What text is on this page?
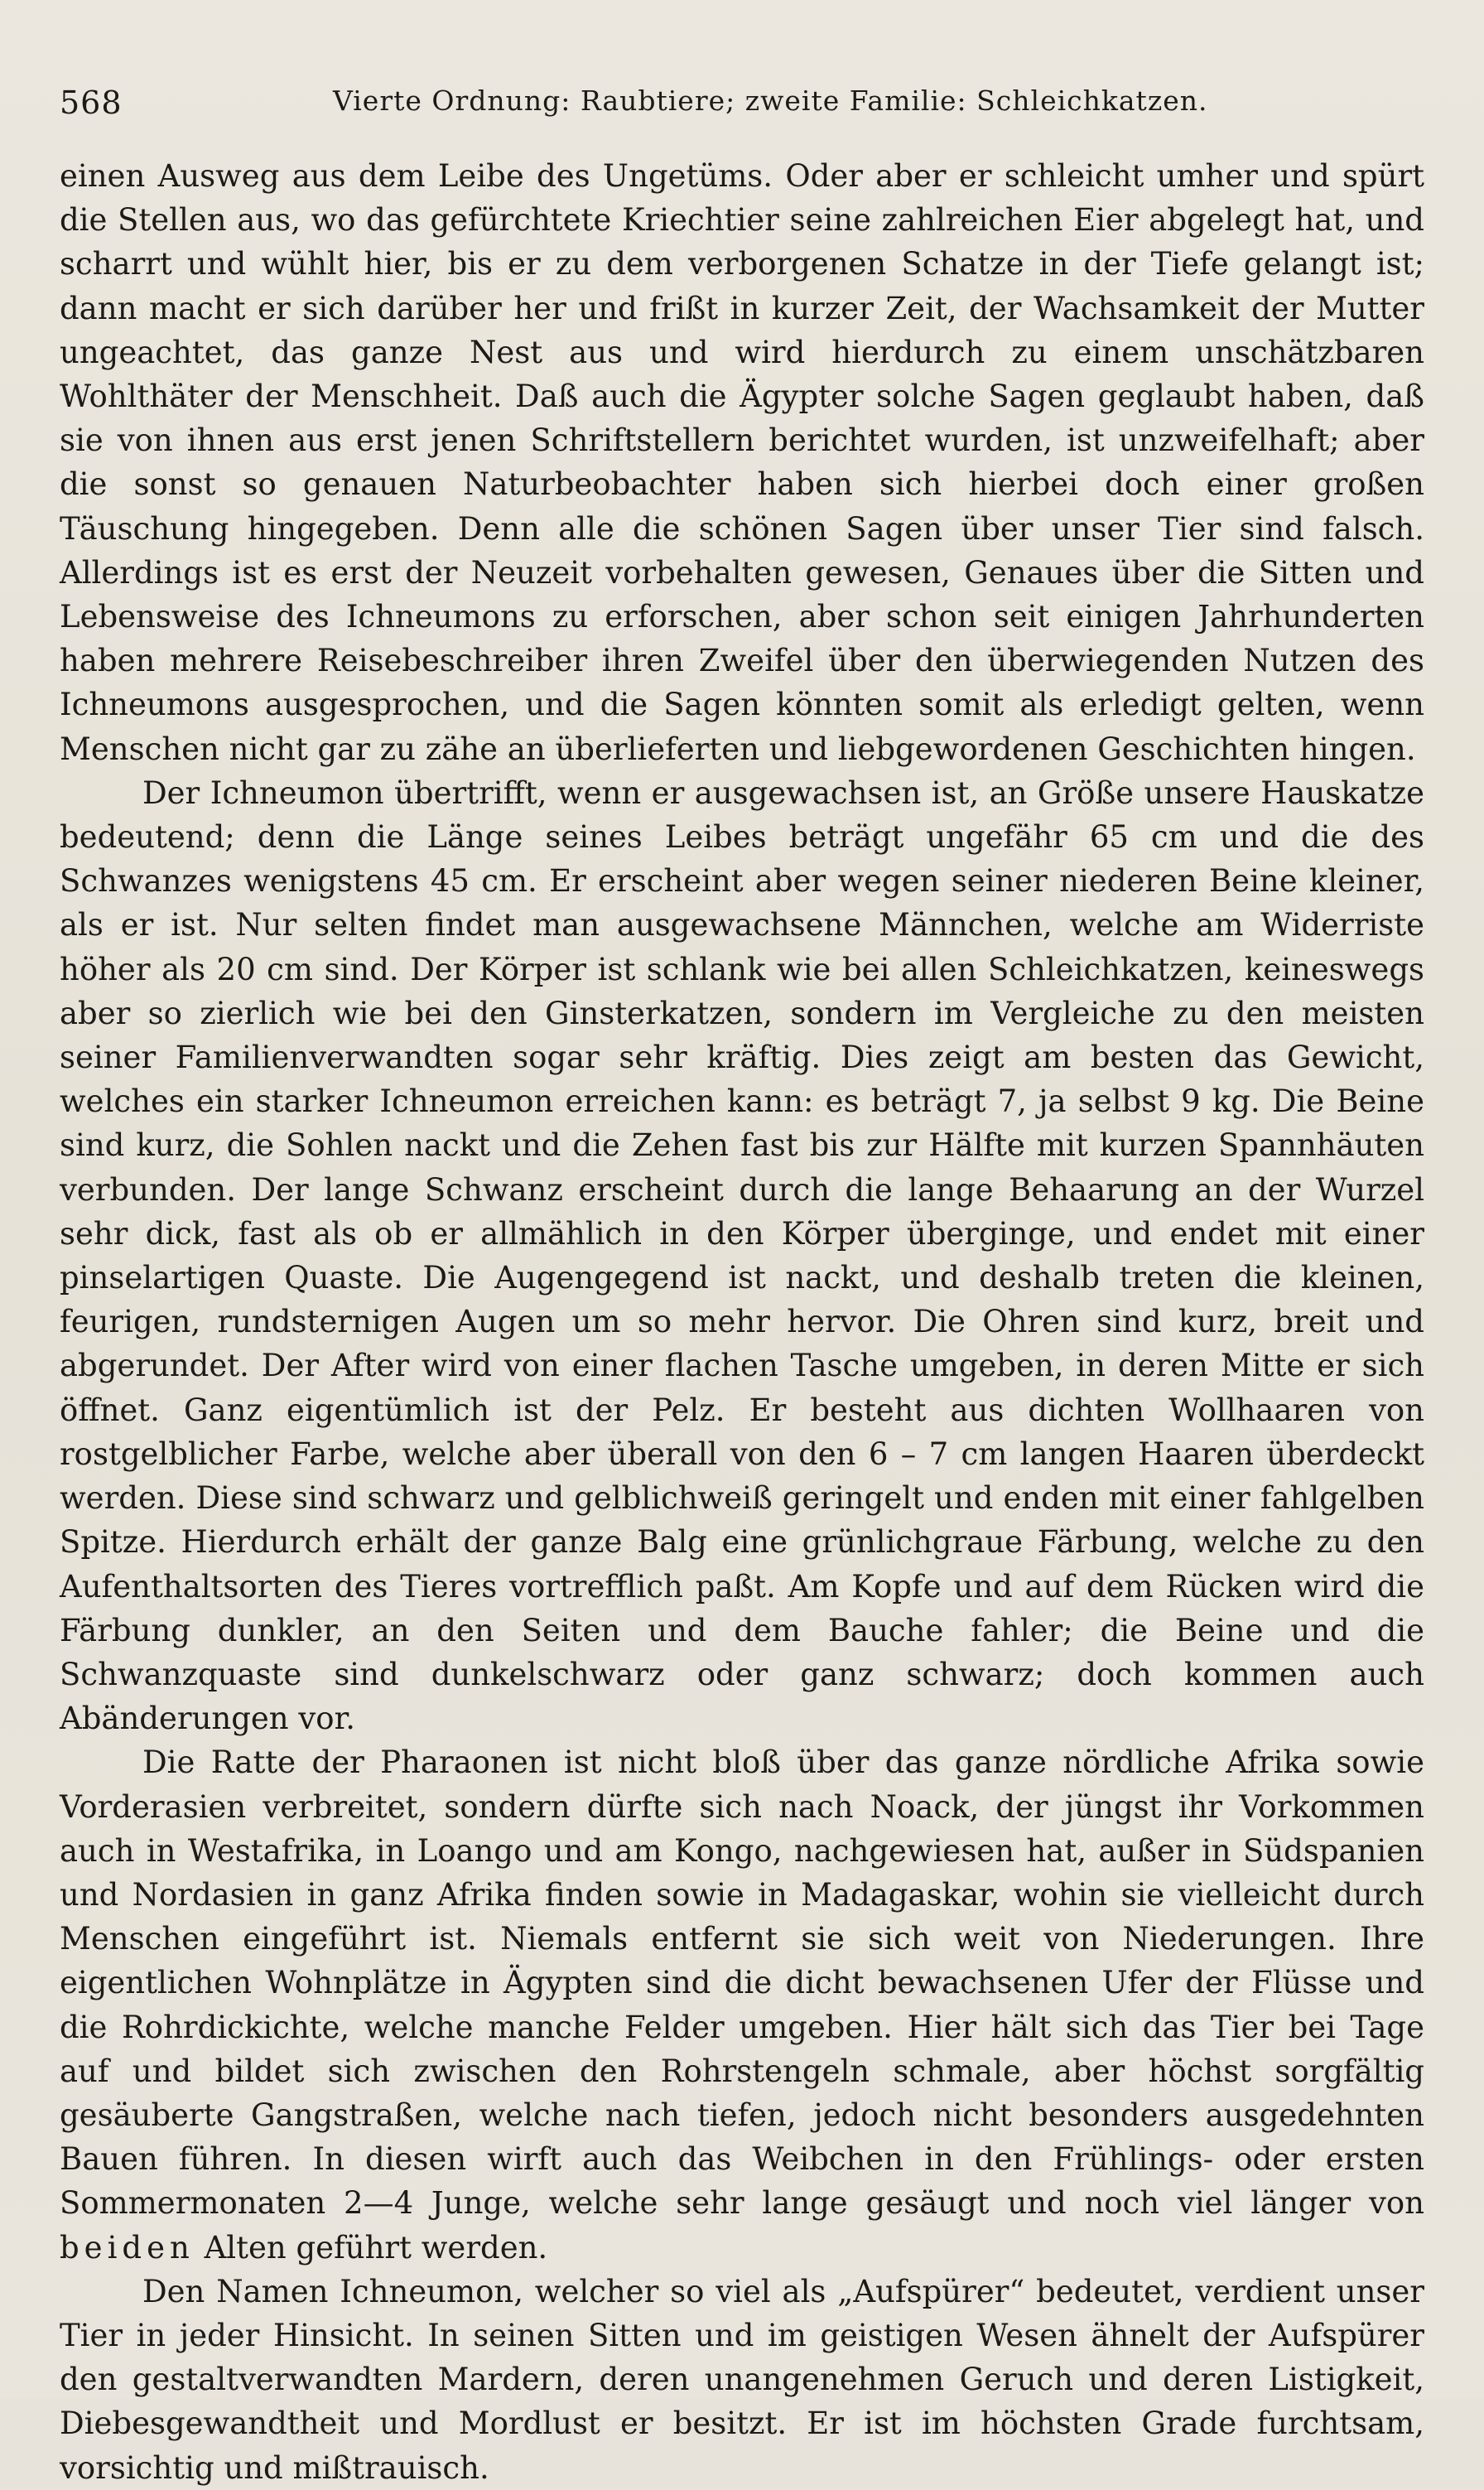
568	Vierte Ordnung: Raubtiere; zweite Familie: Schleichkatzen.

einen Ausweg aus dem Leibe des Ungetüms. Oder aber er schleicht umher und spürt die Stellen aus, wo das gefürchtete Kriechtier seine zahlreichen Eier abgelegt hat, und scharrt und wühlt hier, bis er zu dem verborgenen Schatze in der Tiefe gelangt ist; dann macht er sich darüber her und frißt in kurzer Zeit, der Wachsamkeit der Mutter ungeachtet, das ganze Nest aus und wird hierdurch zu einem unschätzbaren Wohlthäter der Menschheit. Daß auch die Ägypter solche Sagen geglaubt haben, daß sie von ihnen aus erst jenen Schriftstellern berichtet wurden, ist unzweifelhaft; aber die sonst so genauen Naturbeobachter haben sich hierbei doch einer großen Täuschung hingegeben. Denn alle die schönen Sagen über unser Tier sind falsch. Allerdings ist es erst der Neuzeit vorbehalten gewesen, Genaues über die Sitten und Lebensweise des Ichneumons zu erforschen, aber schon seit einigen Jahrhunderten haben mehrere Reisebeschreiber ihren Zweifel über den überwiegenden Nutzen des Ichneumons ausgesprochen, und die Sagen könnten somit als erledigt gelten, wenn Menschen nicht gar zu zähe an überlieferten und liebgewordenen Geschichten hingen.

Der Ichneumon übertrifft, wenn er ausgewachsen ist, an Größe unsere Hauskatze bedeutend; denn die Länge seines Leibes beträgt ungefähr 65 cm und die des Schwanzes wenigstens 45 cm. Er erscheint aber wegen seiner niederen Beine kleiner, als er ist. Nur selten findet man ausgewachsene Männchen, welche am Widerriste höher als 20 cm sind. Der Körper ist schlank wie bei allen Schleichkatzen, keineswegs aber so zierlich wie bei den Ginsterkatzen, sondern im Vergleiche zu den meisten seiner Familienverwandten sogar sehr kräftig. Dies zeigt am besten das Gewicht, welches ein starker Ichneumon erreichen kann: es beträgt 7, ja selbst 9 kg. Die Beine sind kurz, die Sohlen nackt und die Zehen fast bis zur Hälfte mit kurzen Spannhäuten verbunden. Der lange Schwanz erscheint durch die lange Behaarung an der Wurzel sehr dick, fast als ob er allmählich in den Körper überginge, und endet mit einer pinselartigen Quaste. Die Augengegend ist nackt, und deshalb treten die kleinen, feurigen, rundsternigen Augen um so mehr hervor. Die Ohren sind kurz, breit und abgerundet. Der After wird von einer flachen Tasche umgeben, in deren Mitte er sich öffnet. Ganz eigentümlich ist der Pelz. Er besteht aus dichten Wollhaaren von rostgelblicher Farbe, welche aber überall von den 6 – 7 cm langen Haaren überdeckt werden. Diese sind schwarz und gelblichweiß geringelt und enden mit einer fahlgelben Spitze. Hierdurch erhält der ganze Balg eine grünlichgraue Färbung, welche zu den Aufenthaltsorten des Tieres vortrefflich paßt. Am Kopfe und auf dem Rücken wird die Färbung dunkler, an den Seiten und dem Bauche fahler; die Beine und die Schwanzquaste sind dunkelschwarz oder ganz schwarz; doch kommen auch Abänderungen vor.

Die Ratte der Pharaonen ist nicht bloß über das ganze nördliche Afrika sowie Vorderasien verbreitet, sondern dürfte sich nach Noack, der jüngst ihr Vorkommen auch in Westafrika, in Loango und am Kongo, nachgewiesen hat, außer in Südspanien und Nordasien in ganz Afrika finden sowie in Madagaskar, wohin sie vielleicht durch Menschen eingeführt ist. Niemals entfernt sie sich weit von Niederungen. Ihre eigentlichen Wohnplätze in Ägypten sind die dicht bewachsenen Ufer der Flüsse und die Rohrdickichte, welche manche Felder umgeben. Hier hält sich das Tier bei Tage auf und bildet sich zwischen den Rohrstengeln schmale, aber höchst sorgfältig gesäuberte Gangstraßen, welche nach tiefen, jedoch nicht besonders ausgedehnten Bauen führen. In diesen wirft auch das Weibchen in den Frühlings- oder ersten Sommermonaten 2—4 Junge, welche sehr lange gesäugt und noch viel länger von beiden Alten geführt werden.

Den Namen Ichneumon, welcher so viel als „Aufspürer“ bedeutet, verdient unser Tier in jeder Hinsicht. In seinen Sitten und im geistigen Wesen ähnelt der Aufspürer den gestaltverwandten Mardern, deren unangenehmen Geruch und deren Listigkeit, Diebesgewandtheit und Mordlust er besitzt. Er ist im höchsten Grade furchtsam, vorsichtig und mißtrauisch.
